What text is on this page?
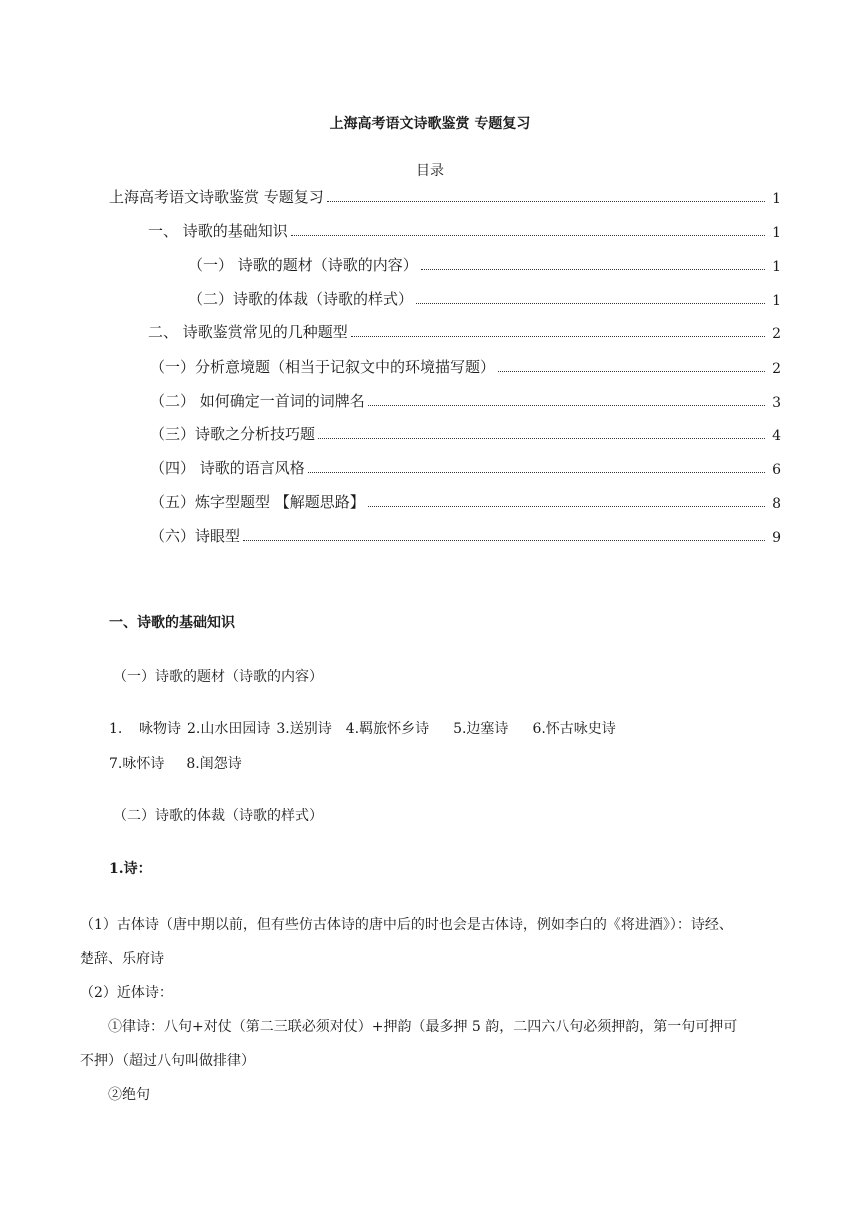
上海高考语文诗歌鉴赏 专题复习
目录
上海高考语文诗歌鉴赏 专题复习	1
一、 诗歌的基础知识	1
（一） 诗歌的题材（诗歌的内容）	1
（二）诗歌的体裁（诗歌的样式）	1
二、 诗歌鉴赏常见的几种题型	2
（一）分析意境题（相当于记叙文中的环境描写题）	2
（二） 如何确定一首词的词牌名	3
（三）诗歌之分析技巧题	4
（四） 诗歌的语言风格	6
（五）炼字型题型 【解题思路】	8
（六）诗眼型	9
一、诗歌的基础知识
（一）诗歌的题材（诗歌的内容）
1. 咏物诗 2.山水田园诗 3.送别诗 4.羁旅怀乡诗 5.边塞诗 6.怀古咏史诗
7.咏怀诗 8.闺怨诗
（二）诗歌的体裁（诗歌的样式）
1.诗：
（1）古体诗（唐中期以前，但有些仿古体诗的唐中后的时也会是古体诗，例如李白的《将进酒》）：诗经、
楚辞、乐府诗
（2）近体诗：
①律诗：八句+对仗（第二三联必须对仗）+押韵（最多押 5 韵，二四六八句必须押韵，第一句可押可
不押）（超过八句叫做排律）
②绝句
